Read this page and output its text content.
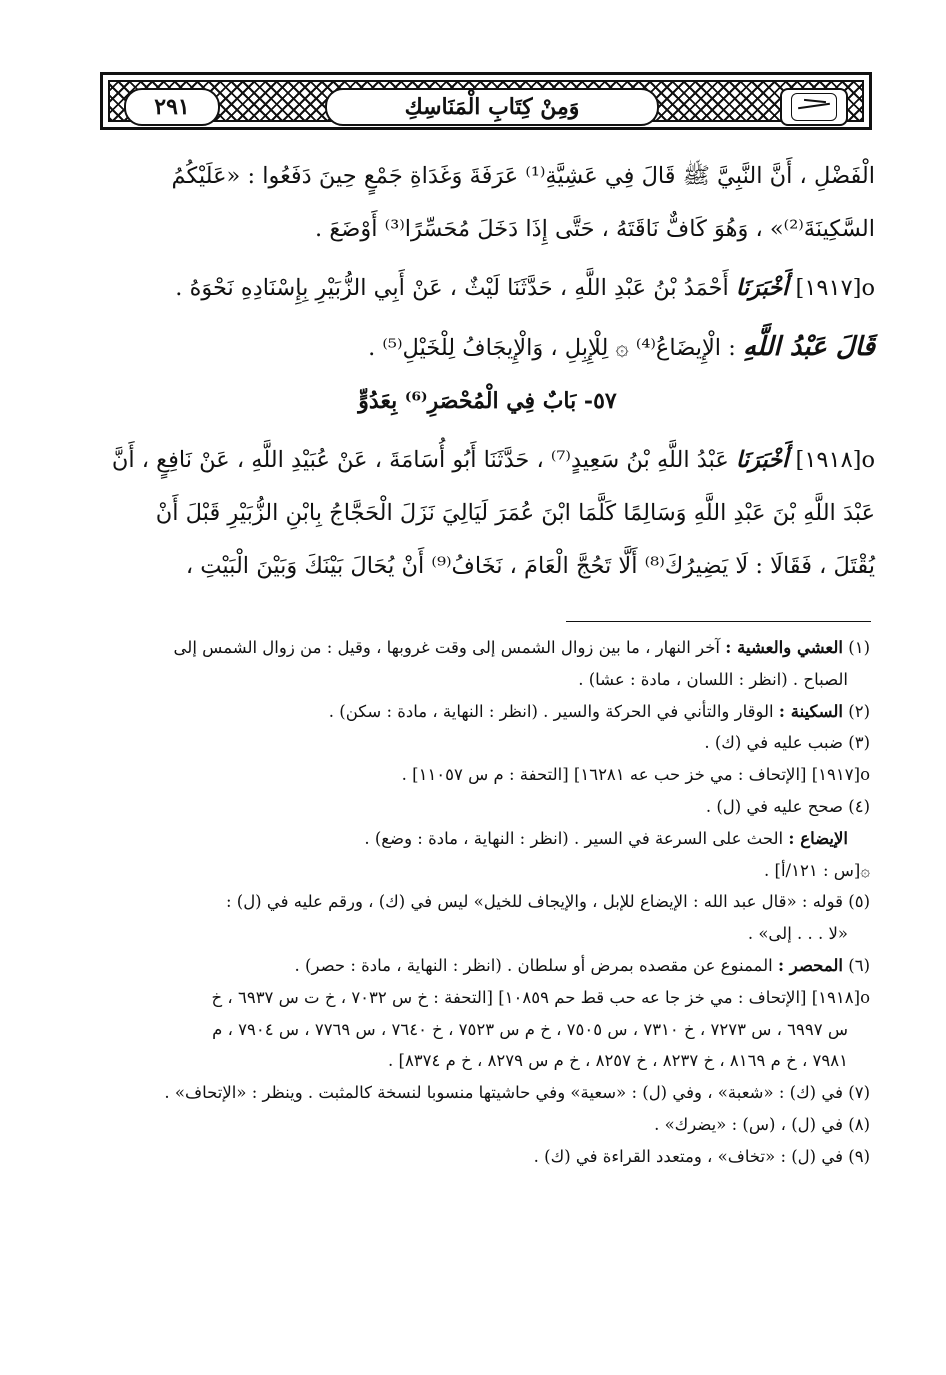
وَمِنْ كِتَابِ الْمَنَاسِكِ
٢٩١

الْفَضْلِ ، أَنَّ النَّبِيَّ ﷺ قَالَ فِي عَشِيَّةِ⁽¹⁾ عَرَفَةَ وَغَدَاةِ جَمْعٍ حِينَ دَفَعُوا : «عَلَيْكُمُ

السَّكِينَةَ⁽²⁾» ، وَهُوَ كَافٌّ نَاقَتَهُ ، حَتَّى إِذَا دَخَلَ مُحَسِّرًا⁽³⁾ أَوْضَعَ .

o[١٩١٧] أَخْبَرَنَا أَحْمَدُ بْنُ عَبْدِ اللَّهِ ، حَدَّثَنَا لَيْثٌ ، عَنْ أَبِي الزُّبَيْرِ بِإِسْنَادِهِ نَحْوَهُ .

قَالَ عَبْدُ اللَّهِ : الْإِيضَاعُ⁽⁴⁾ ۞ لِلْإِبِلِ ، وَالْإِيجَافُ لِلْخَيْلِ⁽⁵⁾ .

٥٧- بَابٌ فِي الْمُحْصَرِ⁽⁶⁾ بِعَدُوٍّ

o[١٩١٨] أَخْبَرَنَا عَبْدُ اللَّهِ بْنُ سَعِيدٍ⁽⁷⁾ ، حَدَّثَنَا أَبُو أُسَامَةَ ، عَنْ عُبَيْدِ اللَّهِ ، عَنْ نَافِعٍ ، أَنَّ

عَبْدَ اللَّهِ بْنَ عَبْدِ اللَّهِ وَسَالِمًا كَلَّمَا ابْنَ عُمَرَ لَيَالِيَ نَزَلَ الْحَجَّاجُ بِابْنِ الزُّبَيْرِ قَبْلَ أَنْ

يُقْتَلَ ، فَقَالَا : لَا يَضِيرُكَ⁽⁸⁾ أَلَّا تَحُجَّ الْعَامَ ، نَخَافُ⁽⁹⁾ أَنْ يُحَالَ بَيْنَكَ وَبَيْنَ الْبَيْتِ ،

(١) العشي والعشية : آخر النهار ، ما بين زوال الشمس إلى وقت غروبها ، وقيل : من زوال الشمس إلى

الصباح . (انظر : اللسان ، مادة : عشا) .

(٢) السكينة : الوقار والتأني في الحركة والسير . (انظر : النهاية ، مادة : سكن) .

(٣) ضبب عليه في (ك) .

o[١٩١٧] [الإتحاف : مي خز حب عه ١٦٢٨١] [التحفة : م س ١١٠٥٧] .

(٤) صحح عليه في (ل) .

الإيضاع : الحث على السرعة في السير . (انظر : النهاية ، مادة : وضع) .

۞[س : ١٢١/أ] .

(٥) قوله : «قال عبد الله : الإيضاع للإبل ، والإيجاف للخيل» ليس في (ك) ، ورقم عليه في (ل) :

«لا . . . إلى» .

(٦) المحصر : الممنوع عن مقصده بمرض أو سلطان . (انظر : النهاية ، مادة : حصر) .

o[١٩١٨] [الإتحاف : مي خز جا عه حب قط حم ١٠٨٥٩] [التحفة : خ س ٧٠٣٢ ، خ ت س ٦٩٣٧ ، خ

س ٦٩٩٧ ، س ٧٢٧٣ ، خ ٧٣١٠ ، س ٧٥٠٥ ، خ م س ٧٥٢٣ ، خ ٧٦٤٠ ، س ٧٧٦٩ ، س ٧٩٠٤ ، م

٧٩٨١ ، خ م ٨١٦٩ ، خ ٨٢٣٧ ، خ ٨٢٥٧ ، خ م س ٨٢٧٩ ، خ م ٨٣٧٤] .

(٧) في (ك) : «شعبة» ، وفي (ل) : «سعية» وفي حاشيتها منسوبا لنسخة كالمثبت . وينظر : «الإتحاف» .

(٨) في (ل) ، (س) : «يضرك» .

(٩) في (ل) : «تخاف» ، ومتعدد القراءة في (ك) .
